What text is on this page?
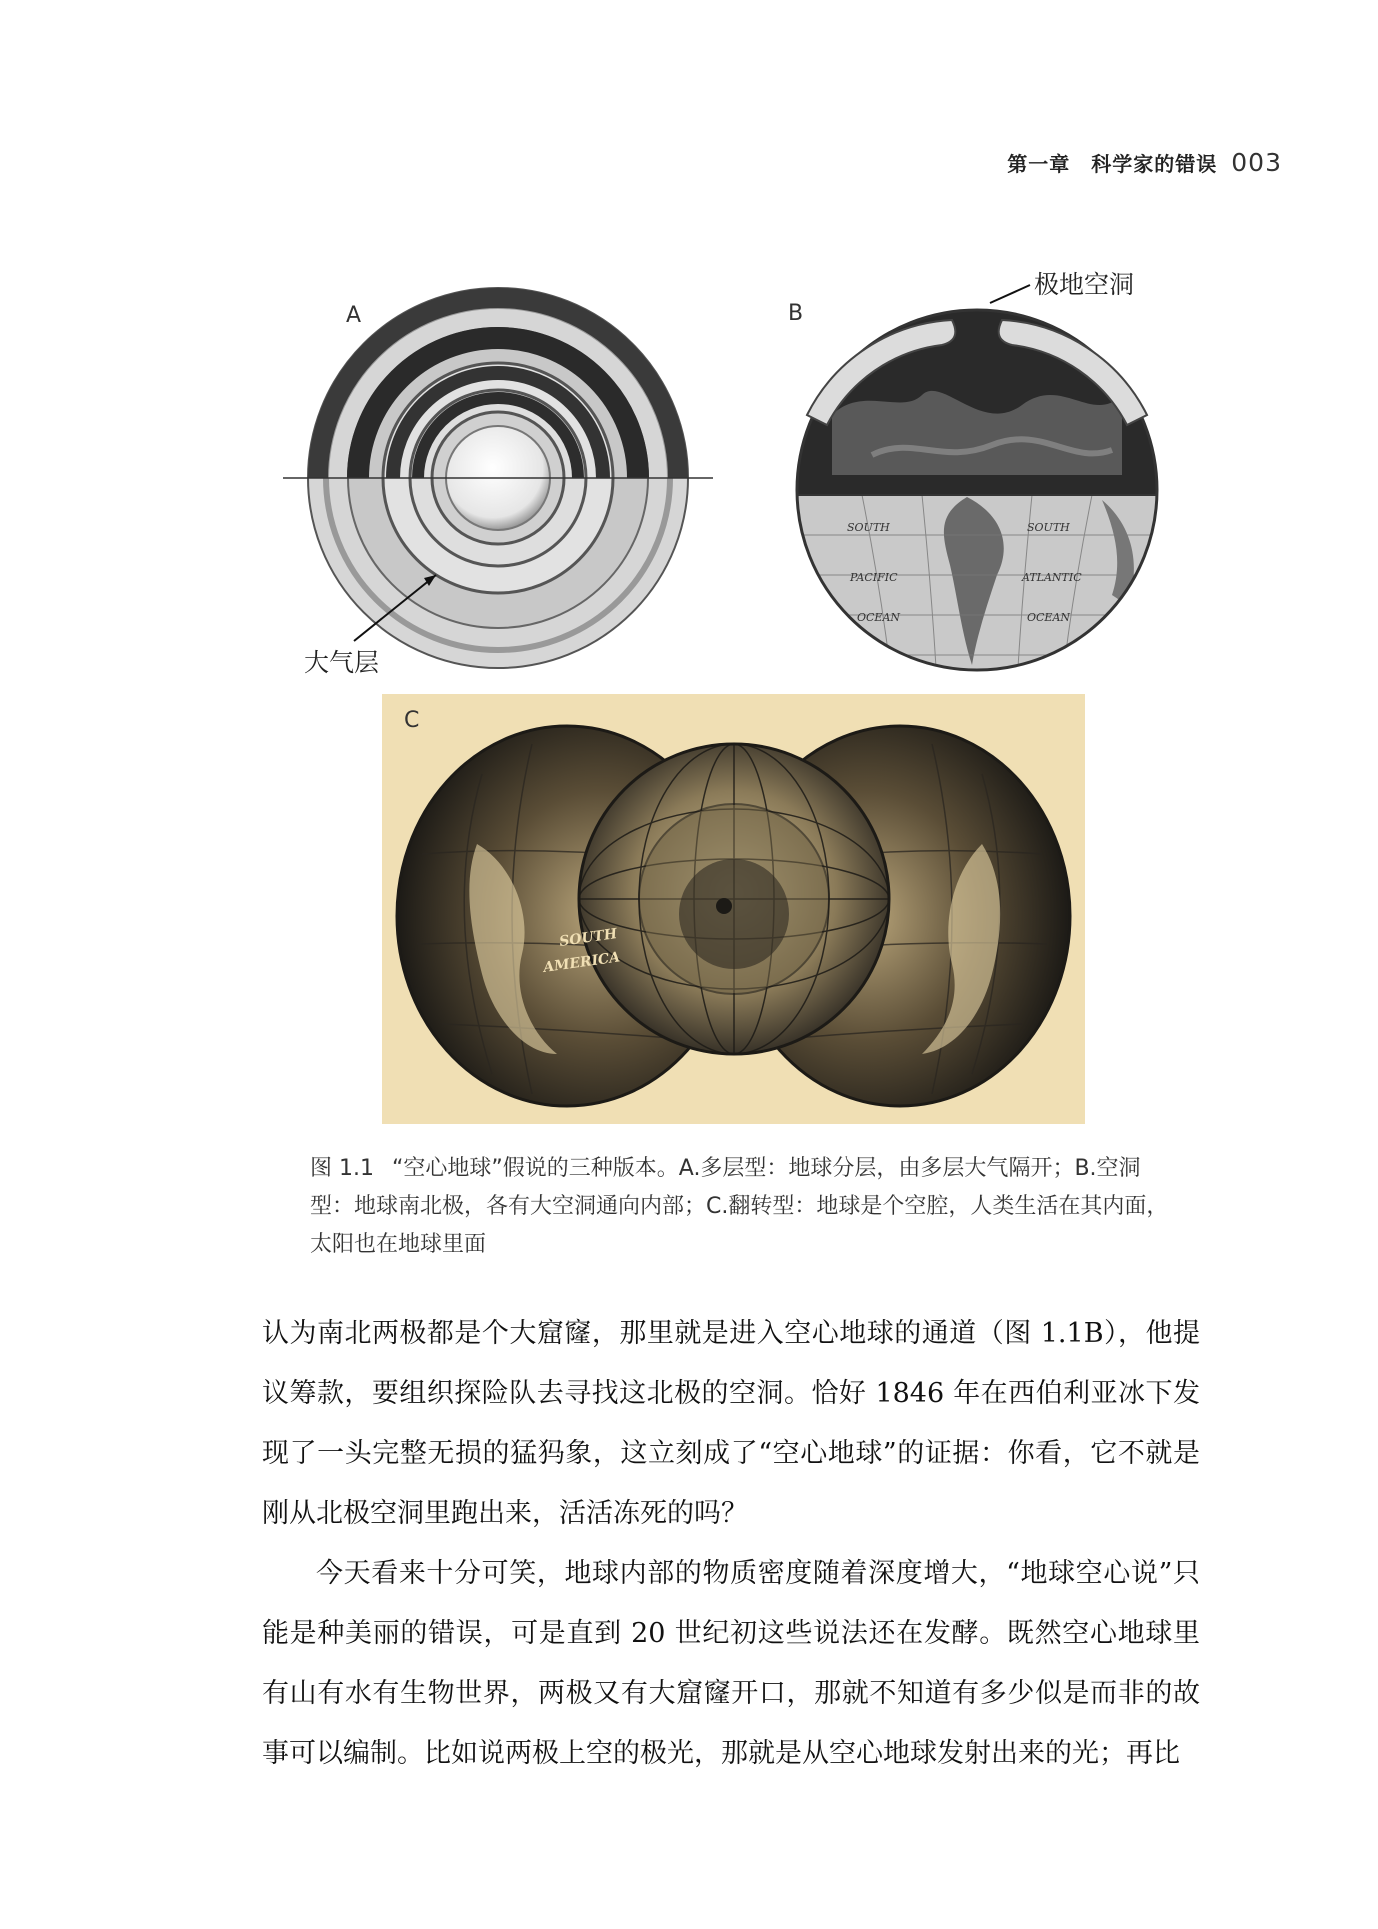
第一章　科学家的错误 003
A
大气层
SOUTH	SOUTH
PACIFIC	ATLANTIC
OCEAN	OCEAN
B
极地空洞
SOUTH
AMERICA
C
图 1.1 “空心地球”假说的三种版本。A.多层型：地球分层，由多层大气隔开；B.空洞型：地球南北极，各有大空洞通向内部；C.翻转型：地球是个空腔，人类生活在其内面，太阳也在地球里面

认为南北两极都是个大窟窿，那里就是进入空心地球的通道（图 1.1B），他提议筹款，要组织探险队去寻找这北极的空洞。恰好 1846 年在西伯利亚冰下发现了一头完整无损的猛犸象，这立刻成了“空心地球”的证据：你看，它不就是刚从北极空洞里跑出来，活活冻死的吗？

今天看来十分可笑，地球内部的物质密度随着深度增大，“地球空心说”只能是种美丽的错误，可是直到 20 世纪初这些说法还在发酵。既然空心地球里有山有水有生物世界，两极又有大窟窿开口，那就不知道有多少似是而非的故事可以编制。比如说两极上空的极光，那就是从空心地球发射出来的光；再比
